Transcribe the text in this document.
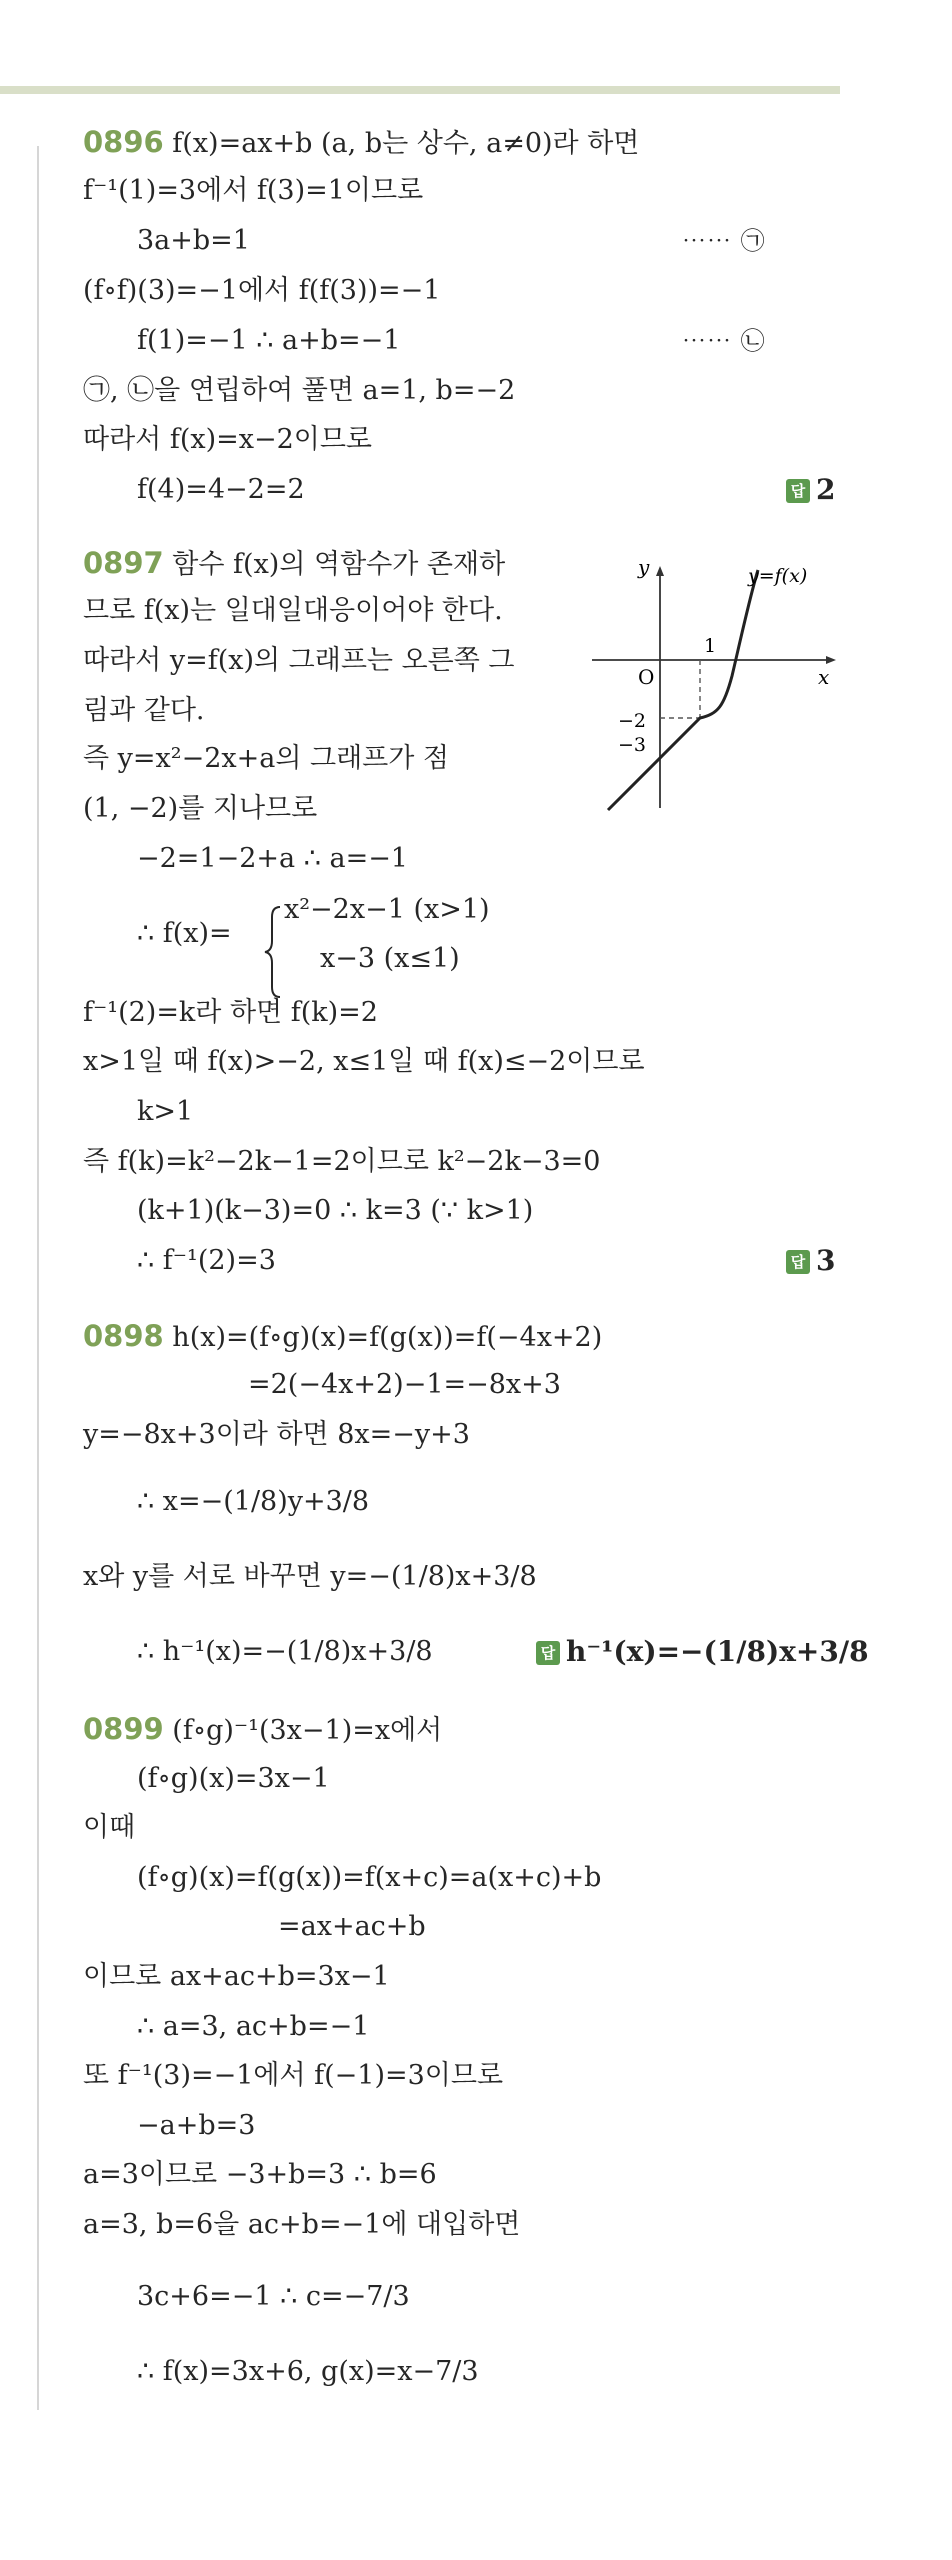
0896 f(x)=ax+b (a, b는 상수, a≠0)라 하면
f⁻¹(1)=3에서 f(3)=1이므로
3a+b=1
(f∘f)(3)=−1에서 f(f(3))=−1
f(1)=−1 ∴ a+b=−1
㉠, ㉡을 연립하여 풀면 a=1, b=−2
따라서 f(x)=x−2이므로
f(4)=4−2=2
0897 함수 f(x)의 역함수가 존재하
므로 f(x)는 일대일대응이어야 한다.
따라서 y=f(x)의 그래프는 오른쪽 그
림과 같다.
즉 y=x²−2x+a의 그래프가 점
(1, −2)를 지나므로
−2=1−2+a ∴ a=−1
∴ f(x)=
x²−2x−1 (x>1)
x−3 (x≤1)
f⁻¹(2)=k라 하면 f(k)=2
x>1일 때 f(x)>−2, x≤1일 때 f(x)≤−2이므로
k>1
즉 f(k)=k²−2k−1=2이므로 k²−2k−3=0
(k+1)(k−3)=0 ∴ k=3 (∵ k>1)
∴ f⁻¹(2)=3
0898 h(x)=(f∘g)(x)=f(g(x))=f(−4x+2)
=2(−4x+2)−1=−8x+3
y=−8x+3이라 하면 8x=−y+3
∴ x=−(1/8)y+3/8
x와 y를 서로 바꾸면 y=−(1/8)x+3/8
∴ h⁻¹(x)=−(1/8)x+3/8
0899 (f∘g)⁻¹(3x−1)=x에서
(f∘g)(x)=3x−1
이때
(f∘g)(x)=f(g(x))=f(x+c)=a(x+c)+b
=ax+ac+b
이므로 ax+ac+b=3x−1
∴ a=3, ac+b=−1
또 f⁻¹(3)=−1에서 f(−1)=3이므로
−a+b=3
a=3이므로 −3+b=3 ∴ b=6
a=3, b=6을 ac+b=−1에 대입하면
3c+6=−1 ∴ c=−7/3
∴ f(x)=3x+6, g(x)=x−7/3
⋯⋯ ㉠
⋯⋯ ㉡
답 2
답 3
답 h⁻¹(x)=−(1/8)x+3/8
y
x
O
1
−2
−3
y=f(x)
